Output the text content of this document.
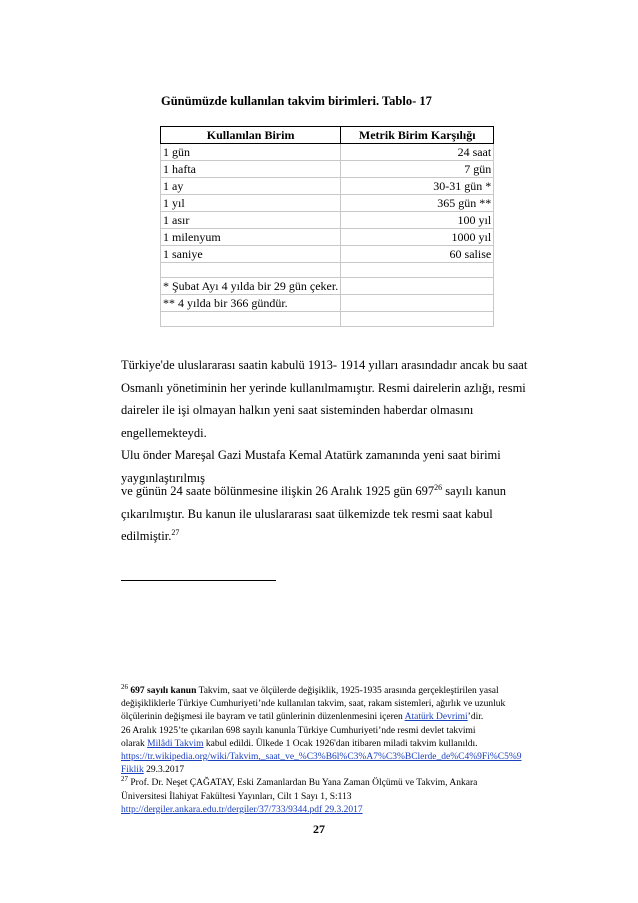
Günümüzde kullanılan takvim birimleri. Tablo- 17
Kullanılan Birim	Metrik Birim Karşılığı
1 gün	24 saat
1 hafta	7 gün
1 ay	30-31 gün *
1 yıl	365 gün **
1 asır	100 yıl
1 milenyum	1000 yıl
1 saniye	60 salise

* Şubat Ayı 4 yılda bir 29 gün çeker.	
** 4 yılda bir 366 gündür.	

Türkiye'de uluslararası saatin kabulü 1913- 1914 yılları arasındadır ancak bu saat
Osmanlı yönetiminin her yerinde kullanılmamıştır. Resmi dairelerin azlığı, resmi
daireler ile işi olmayan halkın yeni saat sisteminden haberdar olmasını engellemekteydi.
Ulu önder Mareşal Gazi Mustafa Kemal Atatürk zamanında yeni saat birimi
yaygınlaştırılmış
ve günün 24 saate bölünmesine ilişkin 26 Aralık 1925 gün $697^{26}$ sayılı kanun
çıkarılmıştır. Bu kanun ile uluslararası saat ülkemizde tek resmi saat kabul edilmiştir.$^{27}$
$^{26}$ 697 sayılı kanun Takvim, saat ve ölçülerde değişiklik, 1925-1935 arasında gerçekleştirilen yasal
değişikliklerle Türkiye Cumhuriyeti’nde kullanılan takvim, saat, rakam sistemleri, ağırlık ve uzunluk
ölçülerinin değişmesi ile bayram ve tatil günlerinin düzenlenmesini içeren Atatürk Devrimi’dir.
26 Aralık 1925’te çıkarılan 698 sayılı kanunla Türkiye Cumhuriyeti’nde resmi devlet takvimi
olarak Milâdi Takvim kabul edildi. Ülkede 1 Ocak 1926'dan itibaren miladi takvim kullanıldı.
https://tr.wikipedia.org/wiki/Takvim,_saat_ve_%C3%B6l%C3%A7%C3%BClerde_de%C4%9Fi%C5%9
Fiklik 29.3.2017
$^{27}$ Prof. Dr. Neşet ÇAĞATAY, Eski Zamanlardan Bu Yana Zaman Ölçümü ve Takvim, Ankara
Üniversitesi İlahiyat Fakültesi Yayınları, Cilt 1 Sayı 1, S:113
http://dergiler.ankara.edu.tr/dergiler/37/733/9344.pdf 29.3.2017
27
